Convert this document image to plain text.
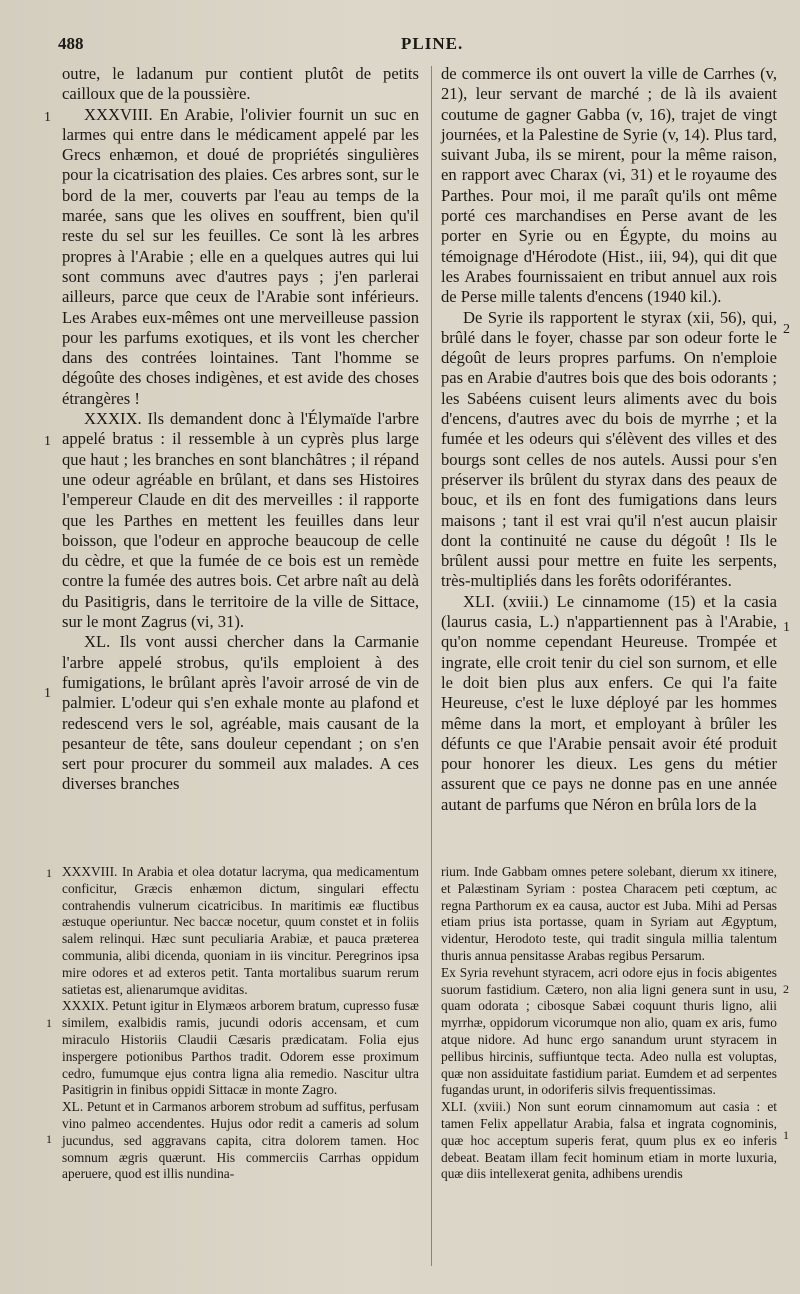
488	PLINE.

outre, le ladanum pur contient plutôt de petits cailloux que de la poussière.

XXXVIII. En Arabie, l'olivier fournit un suc en larmes qui entre dans le médicament appelé par les Grecs enhæmon, et doué de propriétés singulières pour la cicatrisation des plaies. Ces arbres sont, sur le bord de la mer, couverts par l'eau au temps de la marée, sans que les olives en souffrent, bien qu'il reste du sel sur les feuilles. Ce sont là les arbres propres à l'Arabie ; elle en a quelques autres qui lui sont communs avec d'autres pays ; j'en parlerai ailleurs, parce que ceux de l'Arabie sont inférieurs. Les Arabes eux-mêmes ont une merveilleuse passion pour les parfums exotiques, et ils vont les chercher dans des contrées lointaines. Tant l'homme se dégoûte des choses indigènes, et est avide des choses étrangères !

XXXIX. Ils demandent donc à l'Élymaïde l'arbre appelé bratus : il ressemble à un cyprès plus large que haut ; les branches en sont blanchâtres ; il répand une odeur agréable en brûlant, et dans ses Histoires l'empereur Claude en dit des merveilles : il rapporte que les Parthes en mettent les feuilles dans leur boisson, que l'odeur en approche beaucoup de celle du cèdre, et que la fumée de ce bois est un remède contre la fumée des autres bois. Cet arbre naît au delà du Pasitigris, dans le territoire de la ville de Sittace, sur le mont Zagrus (vi, 31).

XL. Ils vont aussi chercher dans la Carmanie l'arbre appelé strobus, qu'ils emploient à des fumigations, le brûlant après l'avoir arrosé de vin de palmier. L'odeur qui s'en exhale monte au plafond et redescend vers le sol, agréable, mais causant de la pesanteur de tête, sans douleur cependant ; on s'en sert pour procurer du sommeil aux malades. A ces diverses branches

de commerce ils ont ouvert la ville de Carrhes (v, 21), leur servant de marché ; de là ils avaient coutume de gagner Gabba (v, 16), trajet de vingt journées, et la Palestine de Syrie (v, 14). Plus tard, suivant Juba, ils se mirent, pour la même raison, en rapport avec Charax (vi, 31) et le royaume des Parthes. Pour moi, il me paraît qu'ils ont même porté ces marchandises en Perse avant de les porter en Syrie ou en Égypte, du moins au témoignage d'Hérodote (Hist., iii, 94), qui dit que les Arabes fournissaient en tribut annuel aux rois de Perse mille talents d'encens (1940 kil.).

De Syrie ils rapportent le styrax (xii, 56), qui, brûlé dans le foyer, chasse par son odeur forte le dégoût de leurs propres parfums. On n'emploie pas en Arabie d'autres bois que des bois odorants ; les Sabéens cuisent leurs aliments avec du bois d'encens, d'autres avec du bois de myrrhe ; et la fumée et les odeurs qui s'élèvent des villes et des bourgs sont celles de nos autels. Aussi pour s'en préserver ils brûlent du styrax dans des peaux de bouc, et ils en font des fumigations dans leurs maisons ; tant il est vrai qu'il n'est aucun plaisir dont la continuité ne cause du dégoût ! Ils le brûlent aussi pour mettre en fuite les serpents, très-multipliés dans les forêts odoriférantes.

XLI. (xviii.) Le cinnamome (15) et la casia (laurus casia, L.) n'appartiennent pas à l'Arabie, qu'on nomme cependant Heureuse. Trompée et ingrate, elle croit tenir du ciel son surnom, et elle le doit bien plus aux enfers. Ce qui l'a faite Heureuse, c'est le luxe déployé par les hommes même dans la mort, et employant à brûler les défunts ce que l'Arabie pensait avoir été produit pour honorer les dieux. Les gens du métier assurent que ce pays ne donne pas en une année autant de parfums que Néron en brûla lors de la

1
1
1
2
1

XXXVIII. In Arabia et olea dotatur lacryma, qua medicamentum conficitur, Græcis enhæmon dictum, singulari effectu contrahendis vulnerum cicatricibus. In maritimis eæ fluctibus æstuque operiuntur. Nec baccæ nocetur, quum constet et in foliis salem relinqui. Hæc sunt peculiaria Arabiæ, et pauca præterea communia, alibi dicenda, quoniam in iis vincitur. Peregrinos ipsa mire odores et ad exteros petit. Tanta mortalibus suarum rerum satietas est, alienarumque aviditas.

XXXIX. Petunt igitur in Elymæos arborem bratum, cupresso fusæ similem, exalbidis ramis, jucundi odoris accensam, et cum miraculo Historiis Claudii Cæsaris prædicatam. Folia ejus inspergere potionibus Parthos tradit. Odorem esse proximum cedro, fumumque ejus contra ligna alia remedio. Nascitur ultra Pasitigrin in finibus oppidi Sittacæ in monte Zagro.

XL. Petunt et in Carmanos arborem strobum ad suffitus, perfusam vino palmeo accendentes. Hujus odor redit a cameris ad solum jucundus, sed aggravans capita, citra dolorem tamen. Hoc somnum ægris quærunt. His commerciis Carrhas oppidum aperuere, quod est illis nundina-

rium. Inde Gabbam omnes petere solebant, dierum xx itinere, et Palæstinam Syriam : postea Characem peti cœptum, ac regna Parthorum ex ea causa, auctor est Juba. Mihi ad Persas etiam prius ista portasse, quam in Syriam aut Ægyptum, videntur, Herodoto teste, qui tradit singula millia talentum thuris annua pensitasse Arabas regibus Persarum.

Ex Syria revehunt styracem, acri odore ejus in focis abigentes suorum fastidium. Cætero, non alia ligni genera sunt in usu, quam odorata ; cibosque Sabæi coquunt thuris ligno, alii myrrhæ, oppidorum vicorumque non alio, quam ex aris, fumo atque nidore. Ad hunc ergo sanandum urunt styracem in pellibus hircinis, suffiuntque tecta. Adeo nulla est voluptas, quæ non assiduitate fastidium pariat. Eumdem et ad serpentes fugandas urunt, in odoriferis silvis frequentissimas.

XLI. (xviii.) Non sunt eorum cinnamomum aut casia : et tamen Felix appellatur Arabia, falsa et ingrata cognominis, quæ hoc acceptum superis ferat, quum plus ex eo inferis debeat. Beatam illam fecit hominum etiam in morte luxuria, quæ diis intellexerat genita, adhibens urendis

1
1
1
2
1
